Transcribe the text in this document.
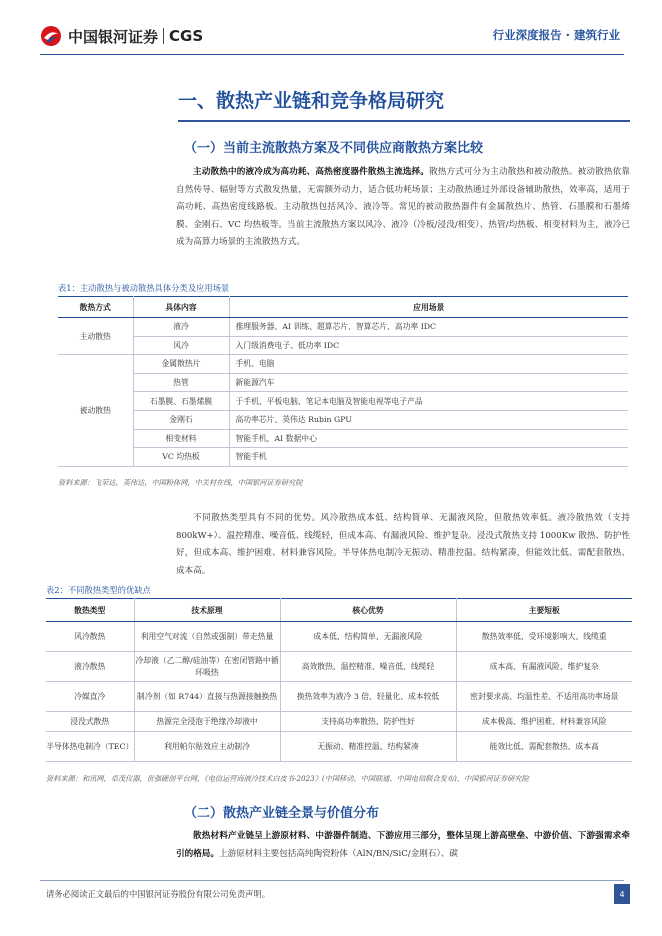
中国银河证券 CGS	行业深度报告 · 建筑行业
一、散热产业链和竞争格局研究
（一）当前主流散热方案及不同供应商散热方案比较

主动散热中的液冷成为高功耗、高热密度器件散热主流选择。散热方式可分为主动散热和被动散热。被动散热依靠自然传导、辐射等方式散发热量，无需额外动力，适合低功耗场景；主动散热通过外部设备辅助散热，效率高，适用于高功耗、高热密度线路板。主动散热包括风冷、液冷等。常见的被动散热器件有金属散热片、热管、石墨膜和石墨烯膜、金刚石、VC 均热板等。当前主流散热方案以风冷、液冷（冷板/浸没/相变）、热管/均热板、相变材料为主，液冷已成为高算力场景的主流散热方式。

表1：主动散热与被动散热具体分类及应用场景
散热方式	具体内容	应用场景
主动散热	液冷	推理服务器、AI 训练、超算芯片、智算芯片、高功率 IDC
	风冷	入门级消费电子、低功率 IDC
被动散热	金属散热片	手机、电脑
	热管	新能源汽车
	石墨膜、石墨烯膜	于手机、平板电脑、笔记本电脑及智能电视等电子产品
	金刚石	高功率芯片、英伟达 Rubin GPU
	相变材料	智能手机，AI 数据中心
	VC 均热板	智能手机
资料来源：飞荣达，英伟达，中国粉体网，中关村在线，中国银河证券研究院

不同散热类型具有不同的优势。风冷散热成本低、结构简单、无漏液风险，但散热效率低。液冷散热效（支持 800kW+）、温控精准、噪音低、线缆轻，但成本高、有漏液风险、维护复杂。浸没式散热支持 1000Kw 散热、防护性好，但成本高、维护困难、材料兼容风险。半导体热电制冷无振动、精准控温、结构紧凑，但能效比低、需配套散热、成本高。

表2：不同散热类型的优缺点
散热类型	技术原理	核心优势	主要短板
风冷散热	利用空气对流（自然或强制）带走热量	成本低、结构简单、无漏液风险	散热效率低、受环境影响大、线缆重
液冷散热	冷却液（乙二醇/硅油等）在密闭管路中循环吸热	高效散热、温控精准、噪音低、线缆轻	成本高、有漏液风险、维护复杂
冷媒直冷	制冷剂（如 R744）直接与热源接触换热	换热效率为液冷 3 倍、轻量化、成本较低	密封要求高、均温性差、不适用高功率场景
浸没式散热	热源完全浸泡于绝缘冷却液中	支持高功率散热、防护性好	成本极高、维护困难、材料兼容风险
半导体热电制冷（TEC）	利用帕尔贴效应主动制冷	无振动、精准控温、结构紧凑	能效比低、需配套散热、成本高
资料来源：和讯网，卓茂仪器，世强硬创平台网，《电信运营商液冷技术白皮书-2023》(中国移动、中国联通、中国电信联合发布)，中国银河证券研究院
（二）散热产业链全景与价值分布

散热材料产业链呈上游原材料、中游器件制造、下游应用三部分，整体呈现上游高壁垒、中游价值、下游强需求牵引的格局。上游原材料主要包括高纯陶瓷粉体（AlN/BN/SiC/金刚石）、碳

请务必阅读正文最后的中国银河证券股份有限公司免责声明。	4
